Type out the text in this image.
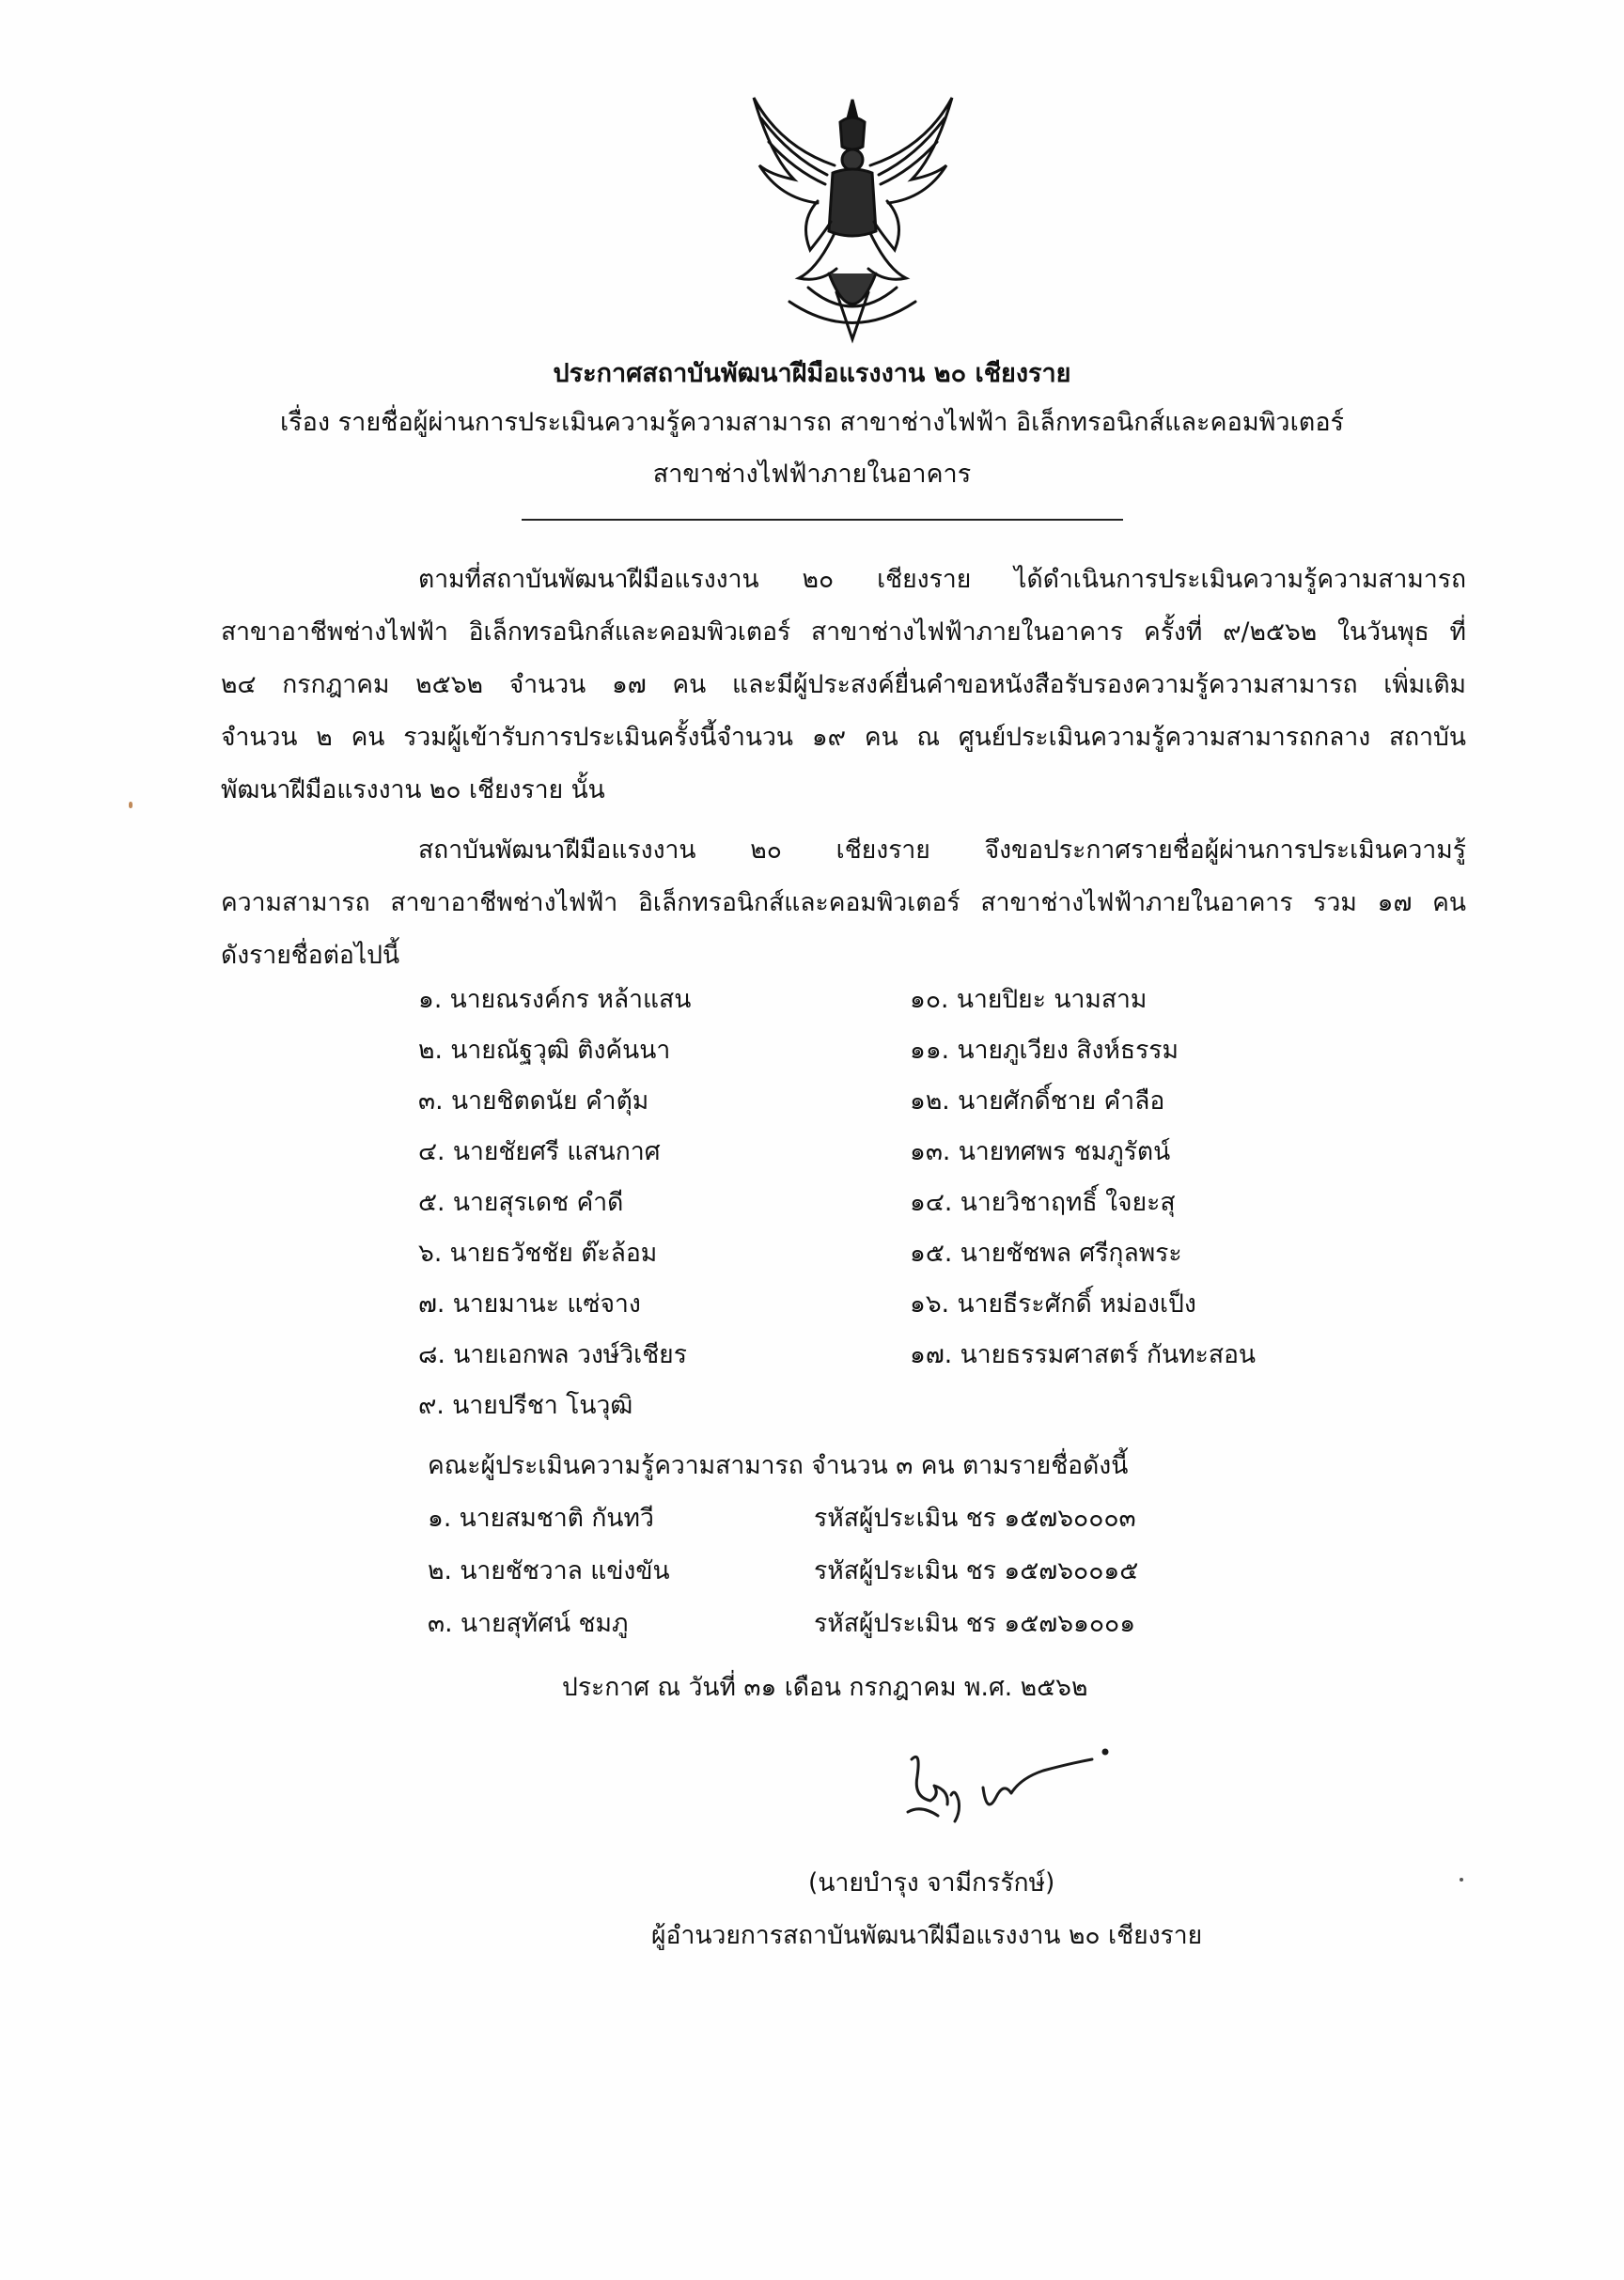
ประกาศสถาบันพัฒนาฝีมือแรงงาน ๒๐ เชียงราย
เรื่อง รายชื่อผู้ผ่านการประเมินความรู้ความสามารถ สาขาช่างไฟฟ้า อิเล็กทรอนิกส์และคอมพิวเตอร์
สาขาช่างไฟฟ้าภายในอาคาร
ตามที่สถาบันพัฒนาฝีมือแรงงาน ๒๐ เชียงราย ได้ดำเนินการประเมินความรู้ความสามารถ
สาขาอาชีพช่างไฟฟ้า อิเล็กทรอนิกส์และคอมพิวเตอร์ สาขาช่างไฟฟ้าภายในอาคาร ครั้งที่ ๙/๒๕๖๒ ในวันพุธ ที่
๒๔ กรกฎาคม ๒๕๖๒ จำนวน ๑๗ คน และมีผู้ประสงค์ยื่นคำขอหนังสือรับรองความรู้ความสามารถ เพิ่มเติม
จำนวน ๒ คน รวมผู้เข้ารับการประเมินครั้งนี้จำนวน ๑๙ คน ณ ศูนย์ประเมินความรู้ความสามารถกลาง สถาบัน
พัฒนาฝีมือแรงงาน ๒๐ เชียงราย นั้น
สถาบันพัฒนาฝีมือแรงงาน ๒๐ เชียงราย จึงขอประกาศรายชื่อผู้ผ่านการประเมินความรู้
ความสามารถ สาขาอาชีพช่างไฟฟ้า อิเล็กทรอนิกส์และคอมพิวเตอร์ สาขาช่างไฟฟ้าภายในอาคาร รวม ๑๗ คน
ดังรายชื่อต่อไปนี้
๑. นายณรงค์กร หล้าแสน
๒. นายณัฐวุฒิ ติงค้นนา
๓. นายชิตดนัย คำตุ้ม
๔. นายชัยศรี แสนกาศ
๕. นายสุรเดช คำดี
๖. นายธวัชชัย ต๊ะล้อม
๗. นายมานะ แซ่จาง
๘. นายเอกพล วงษ์วิเชียร
๙. นายปรีชา โนวุฒิ
๑๐. นายปิยะ นามสาม
๑๑. นายภูเวียง สิงห์ธรรม
๑๒. นายศักดิ์ชาย คำลือ
๑๓. นายทศพร ชมภูรัตน์
๑๔. นายวิชาฤทธิ์ ใจยะสุ
๑๕. นายชัชพล ศรีกุลพระ
๑๖. นายธีระศักดิ์ หม่องเป็ง
๑๗. นายธรรมศาสตร์ กันทะสอน
คณะผู้ประเมินความรู้ความสามารถ จำนวน ๓ คน ตามรายชื่อดังนี้
๑. นายสมชาติ กันทวี	รหัสผู้ประเมิน ชร ๑๕๗๖๐๐๐๓
๒. นายชัชวาล แข่งขัน	รหัสผู้ประเมิน ชร ๑๕๗๖๐๐๑๕
๓. นายสุทัศน์ ชมภู	รหัสผู้ประเมิน ชร ๑๕๗๖๑๐๐๑
ประกาศ ณ วันที่ ๓๑ เดือน กรกฎาคม พ.ศ. ๒๕๖๒
(นายบำรุง จามีกรรักษ์)
ผู้อำนวยการสถาบันพัฒนาฝีมือแรงงาน ๒๐ เชียงราย
